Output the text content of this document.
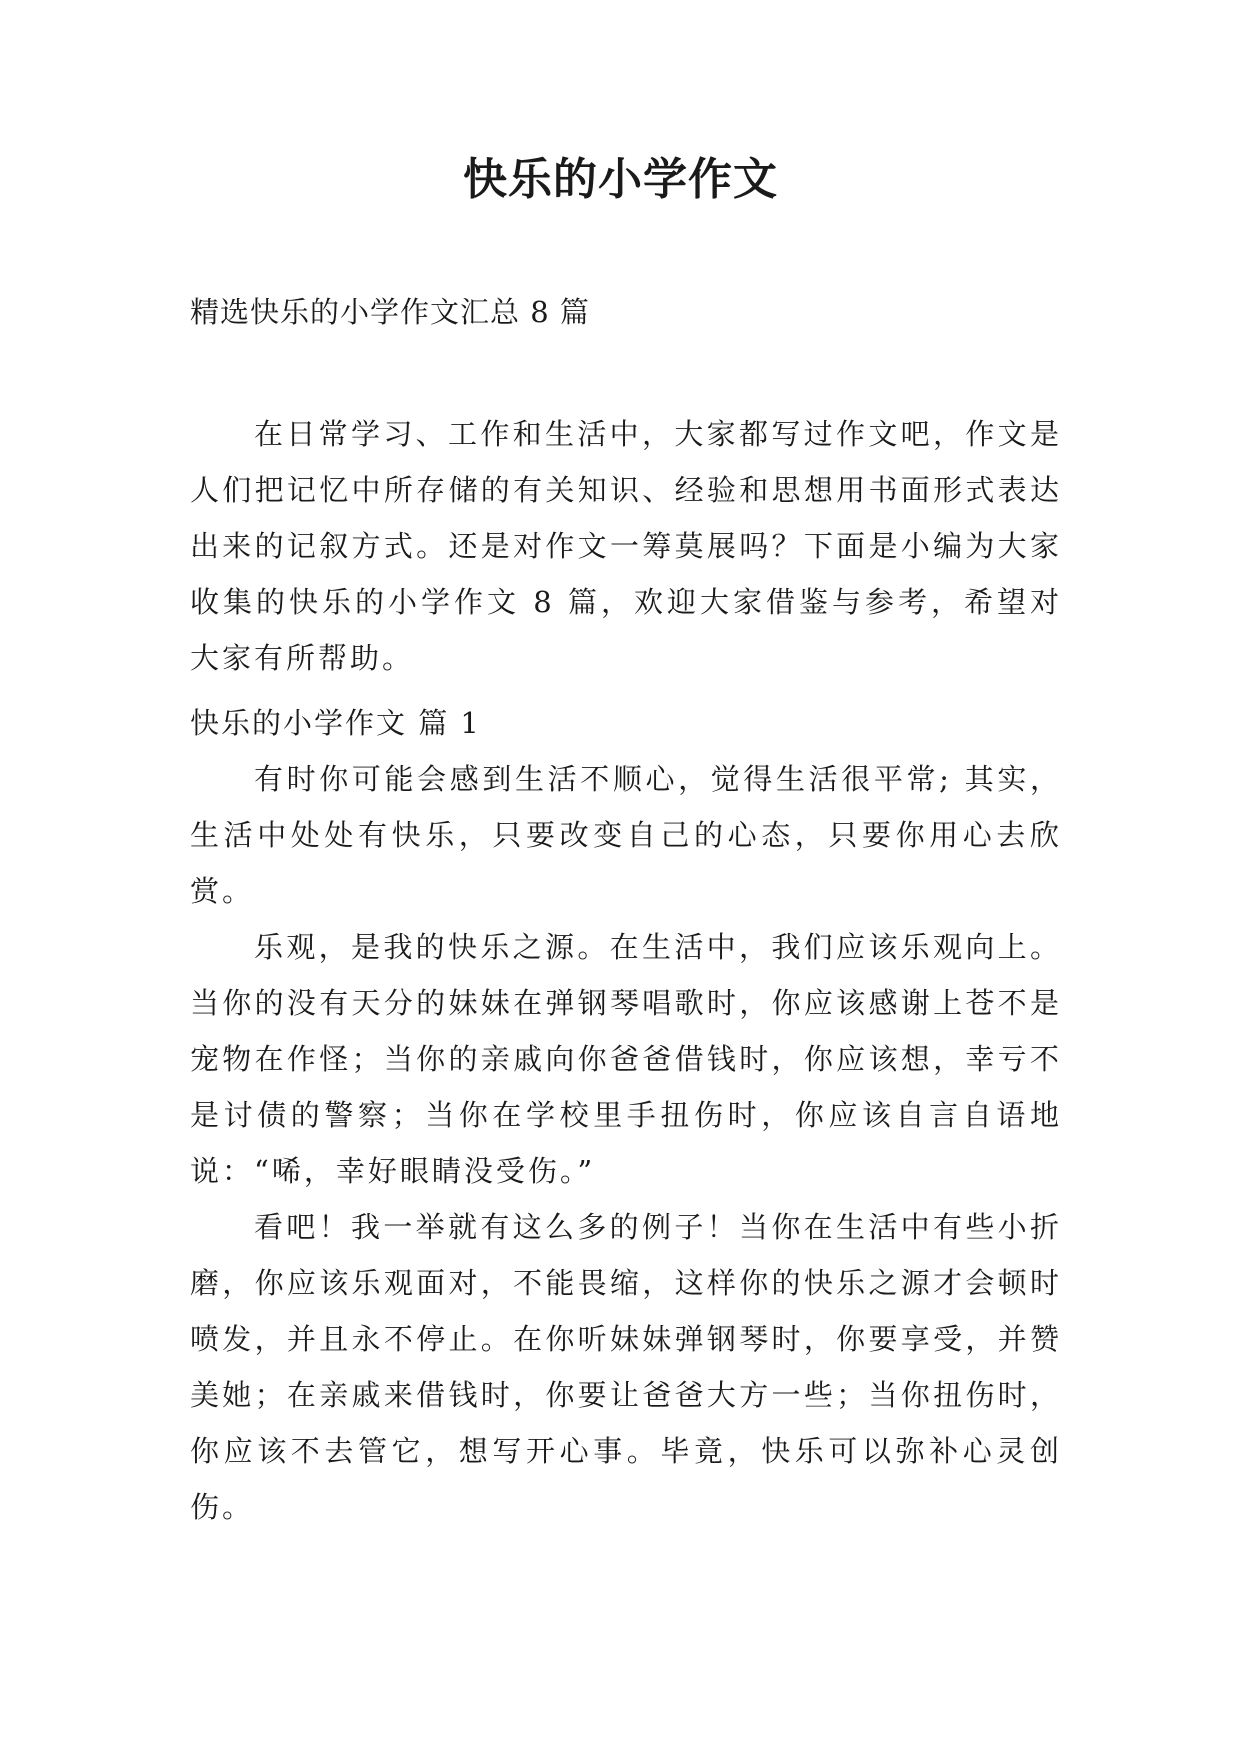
快乐的小学作文
精选快乐的小学作文汇总 8 篇

在日常学习、工作和生活中，大家都写过作文吧，作文是人们把记忆中所存储的有关知识、经验和思想用书面形式表达出来的记叙方式。还是对作文一筹莫展吗？下面是小编为大家收集的快乐的小学作文 8 篇，欢迎大家借鉴与参考，希望对大家有所帮助。

快乐的小学作文 篇 1

有时你可能会感到生活不顺心，觉得生活很平常; 其实，生活中处处有快乐，只要改变自己的心态，只要你用心去欣赏。

乐观，是我的快乐之源。在生活中，我们应该乐观向上。当你的没有天分的妹妹在弹钢琴唱歌时，你应该感谢上苍不是宠物在作怪；当你的亲戚向你爸爸借钱时，你应该想，幸亏不是讨债的警察；当你在学校里手扭伤时，你应该自言自语地说：“唏，幸好眼睛没受伤。”

看吧！我一举就有这么多的例子！当你在生活中有些小折磨，你应该乐观面对，不能畏缩，这样你的快乐之源才会顿时喷发，并且永不停止。在你听妹妹弹钢琴时，你要享受，并赞美她；在亲戚来借钱时，你要让爸爸大方一些；当你扭伤时，你应该不去管它，想写开心事。毕竟，快乐可以弥补心灵创伤。
